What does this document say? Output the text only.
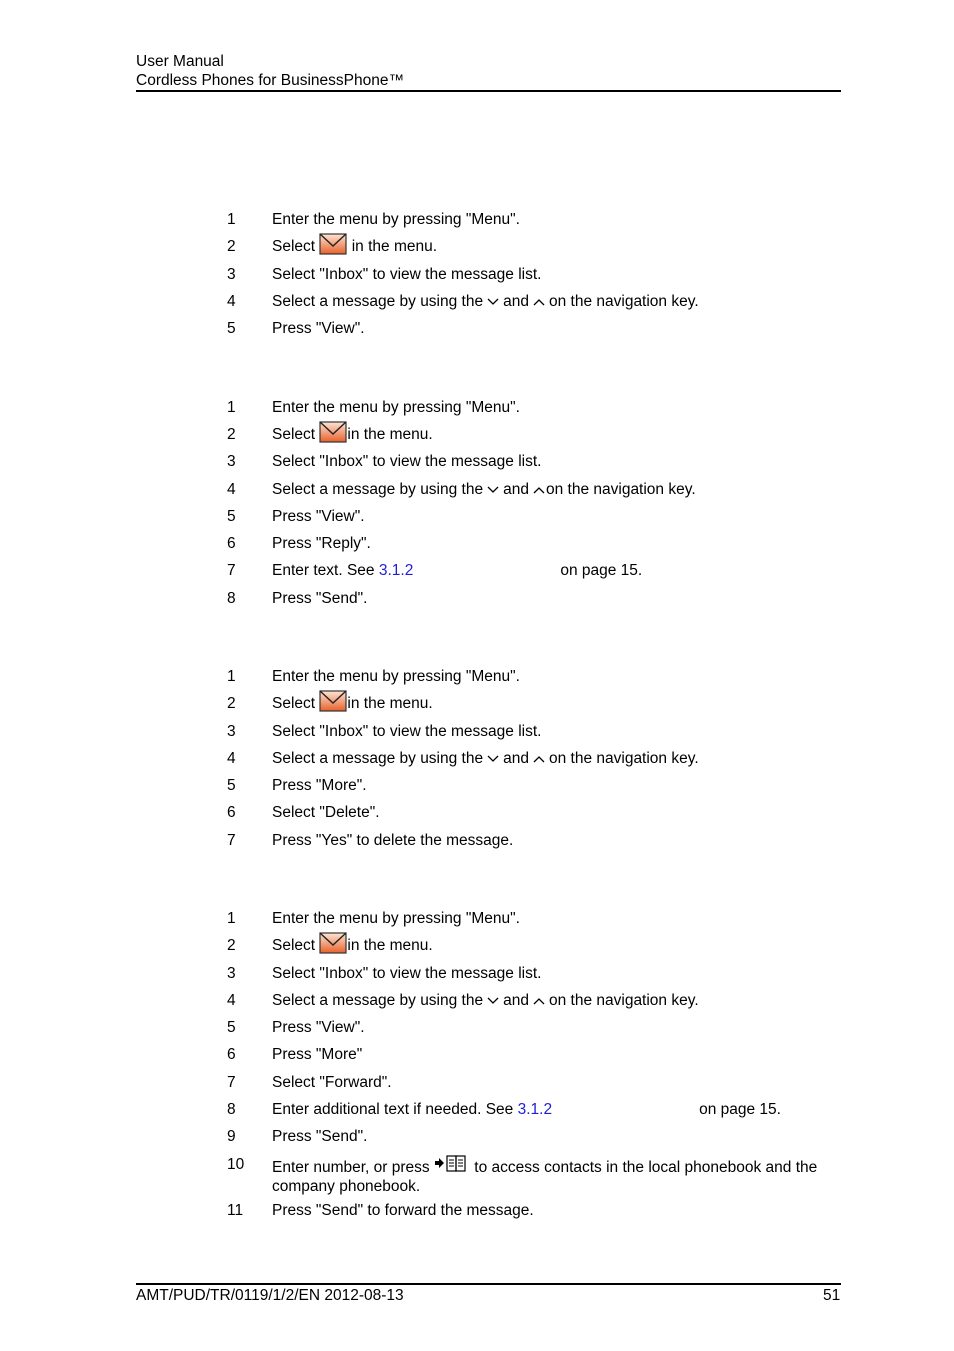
User Manual
Cordless Phones for BusinessPhone™
1 Enter the menu by pressing "Menu".
2 Select in the menu.
3 Select "Inbox" to view the message list.
4 Select a message by using the and on the navigation key.
5 Press "View".
1 Enter the menu by pressing "Menu".
2 Select in the menu.
3 Select "Inbox" to view the message list.
4 Select a message by using the and on the navigation key.
5 Press "View".
6 Press "Reply".
7 Enter text. See 3.1.2	on page 15.
8 Press "Send".
1 Enter the menu by pressing "Menu".
2 Select in the menu.
3 Select "Inbox" to view the message list.
4 Select a message by using the and on the navigation key.
5 Press "More".
6 Select "Delete".
7 Press "Yes" to delete the message.
1 Enter the menu by pressing "Menu".
2 Select in the menu.
3 Select "Inbox" to view the message list.
4 Select a message by using the and on the navigation key.
5 Press "View".
6 Press "More"
7 Select "Forward".
8 Enter additional text if needed. See 3.1.2	on page 15.
9 Press "Send".
10 Enter number, or press	to access contacts in the local phonebook and the company phonebook.
11 Press "Send" to forward the message.
AMT/PUD/TR/0119/1/2/EN 2012-08-13	51
